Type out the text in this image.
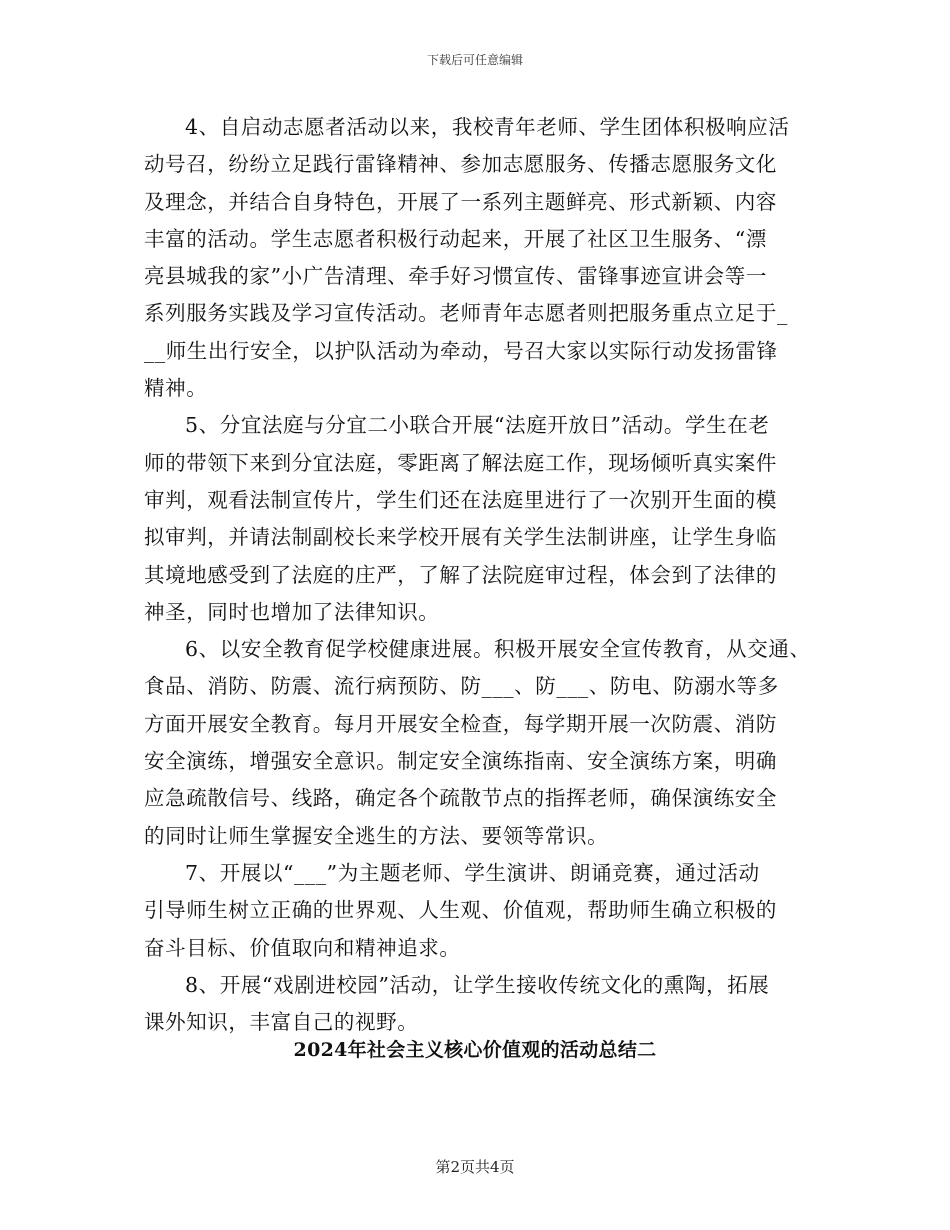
下载后可任意编辑

4、自启动志愿者活动以来，我校青年老师、学生团体积极响应活
动号召，纷纷立足践行雷锋精神、参加志愿服务、传播志愿服务文化
及理念，并结合自身特色，开展了一系列主题鲜亮、形式新颖、内容
丰富的活动。学生志愿者积极行动起来，开展了社区卫生服务、“漂
亮县城我的家”小广告清理、牵手好习惯宣传、雷锋事迹宣讲会等一
系列服务实践及学习宣传活动。老师青年志愿者则把服务重点立足于_
__师生出行安全，以护队活动为牵动，号召大家以实际行动发扬雷锋
精神。

5、分宜法庭与分宜二小联合开展“法庭开放日”活动。学生在老
师的带领下来到分宜法庭，零距离了解法庭工作，现场倾听真实案件
审判，观看法制宣传片，学生们还在法庭里进行了一次别开生面的模
拟审判，并请法制副校长来学校开展有关学生法制讲座，让学生身临
其境地感受到了法庭的庄严，了解了法院庭审过程，体会到了法律的
神圣，同时也增加了法律知识。

6、以安全教育促学校健康进展。积极开展安全宣传教育，从交通、
食品、消防、防震、流行病预防、防___、防___、防电、防溺水等多
方面开展安全教育。每月开展安全检查，每学期开展一次防震、消防
安全演练，增强安全意识。制定安全演练指南、安全演练方案，明确
应急疏散信号、线路，确定各个疏散节点的指挥老师，确保演练安全
的同时让师生掌握安全逃生的方法、要领等常识。

7、开展以“___”为主题老师、学生演讲、朗诵竞赛，通过活动
引导师生树立正确的世界观、人生观、价值观，帮助师生确立积极的
奋斗目标、价值取向和精神追求。

8、开展“戏剧进校园”活动，让学生接收传统文化的熏陶，拓展
课外知识，丰富自己的视野。

2024年社会主义核心价值观的活动总结二
第2页共4页
